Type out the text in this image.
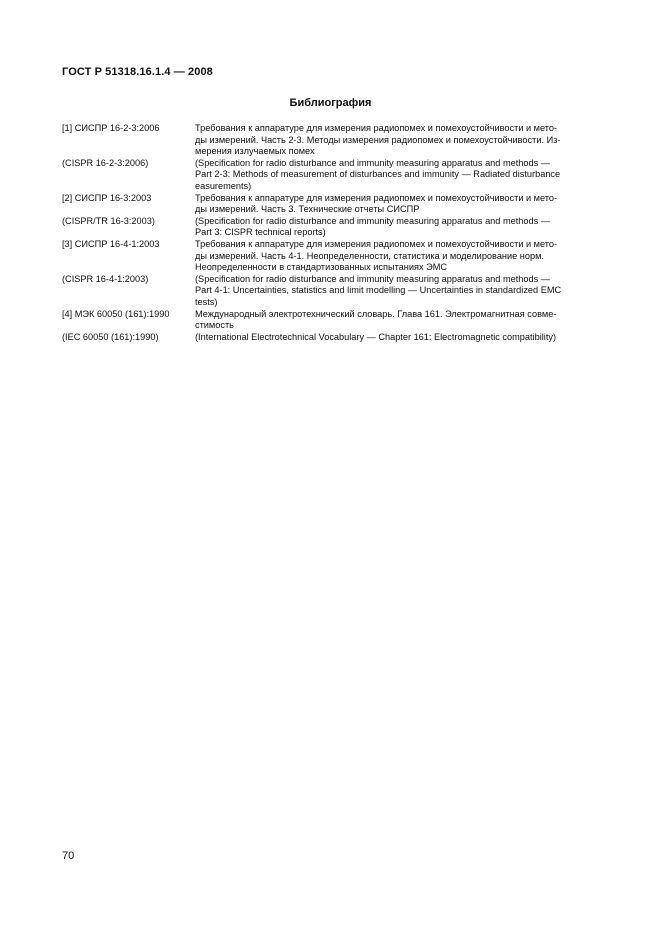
ГОСТ Р 51318.16.1.4 — 2008
Библиография
[1] СИСПР 16-2-3:2006	Требования к аппаратуре для измерения радиопомех и помехоустойчивости и мето-
ды измерений. Часть 2-3. Методы измерения радиопомех и помехоустойчивости. Из-
мерения излучаемых помех
(CISPR 16-2-3:2006)	(Specification for radio disturbance and immunity measuring apparatus and methods —
Part 2-3: Methods of measurement of disturbances and immunity — Radiated disturbance
easurements)
[2] СИСПР 16-3:2003	Требования к аппаратуре для измерения радиопомех и помехоустойчивости и мето-
ды измерений. Часть 3. Технические отчеты СИСПР
(CISPR/TR 16-3:2003)	(Specification for radio disturbance and immunity measuring apparatus and methods —
Part 3: CISPR technical reports)
[3] СИСПР 16-4-1:2003	Требования к аппаратуре для измерения радиопомех и помехоустойчивости и мето-
ды измерений. Часть 4-1. Неопределенности, статистика и моделирование норм.
Неопределенности в стандартизованных испытаниях ЭМС
(CISPR 16-4-1:2003)	(Specification for radio disturbance and immunity measuring apparatus and methods —
Part 4-1: Uncertainties, statistics and limit modelling — Uncertainties in standardized EMC
tests)
[4] МЭК 60050 (161):1990	Международный электротехнический словарь. Глава 161. Электромагнитная совме-
стимость
(IEC 60050 (161):1990)	(International Electrotechnical Vocabulary — Chapter 161: Electromagnetic compatibility)
70
